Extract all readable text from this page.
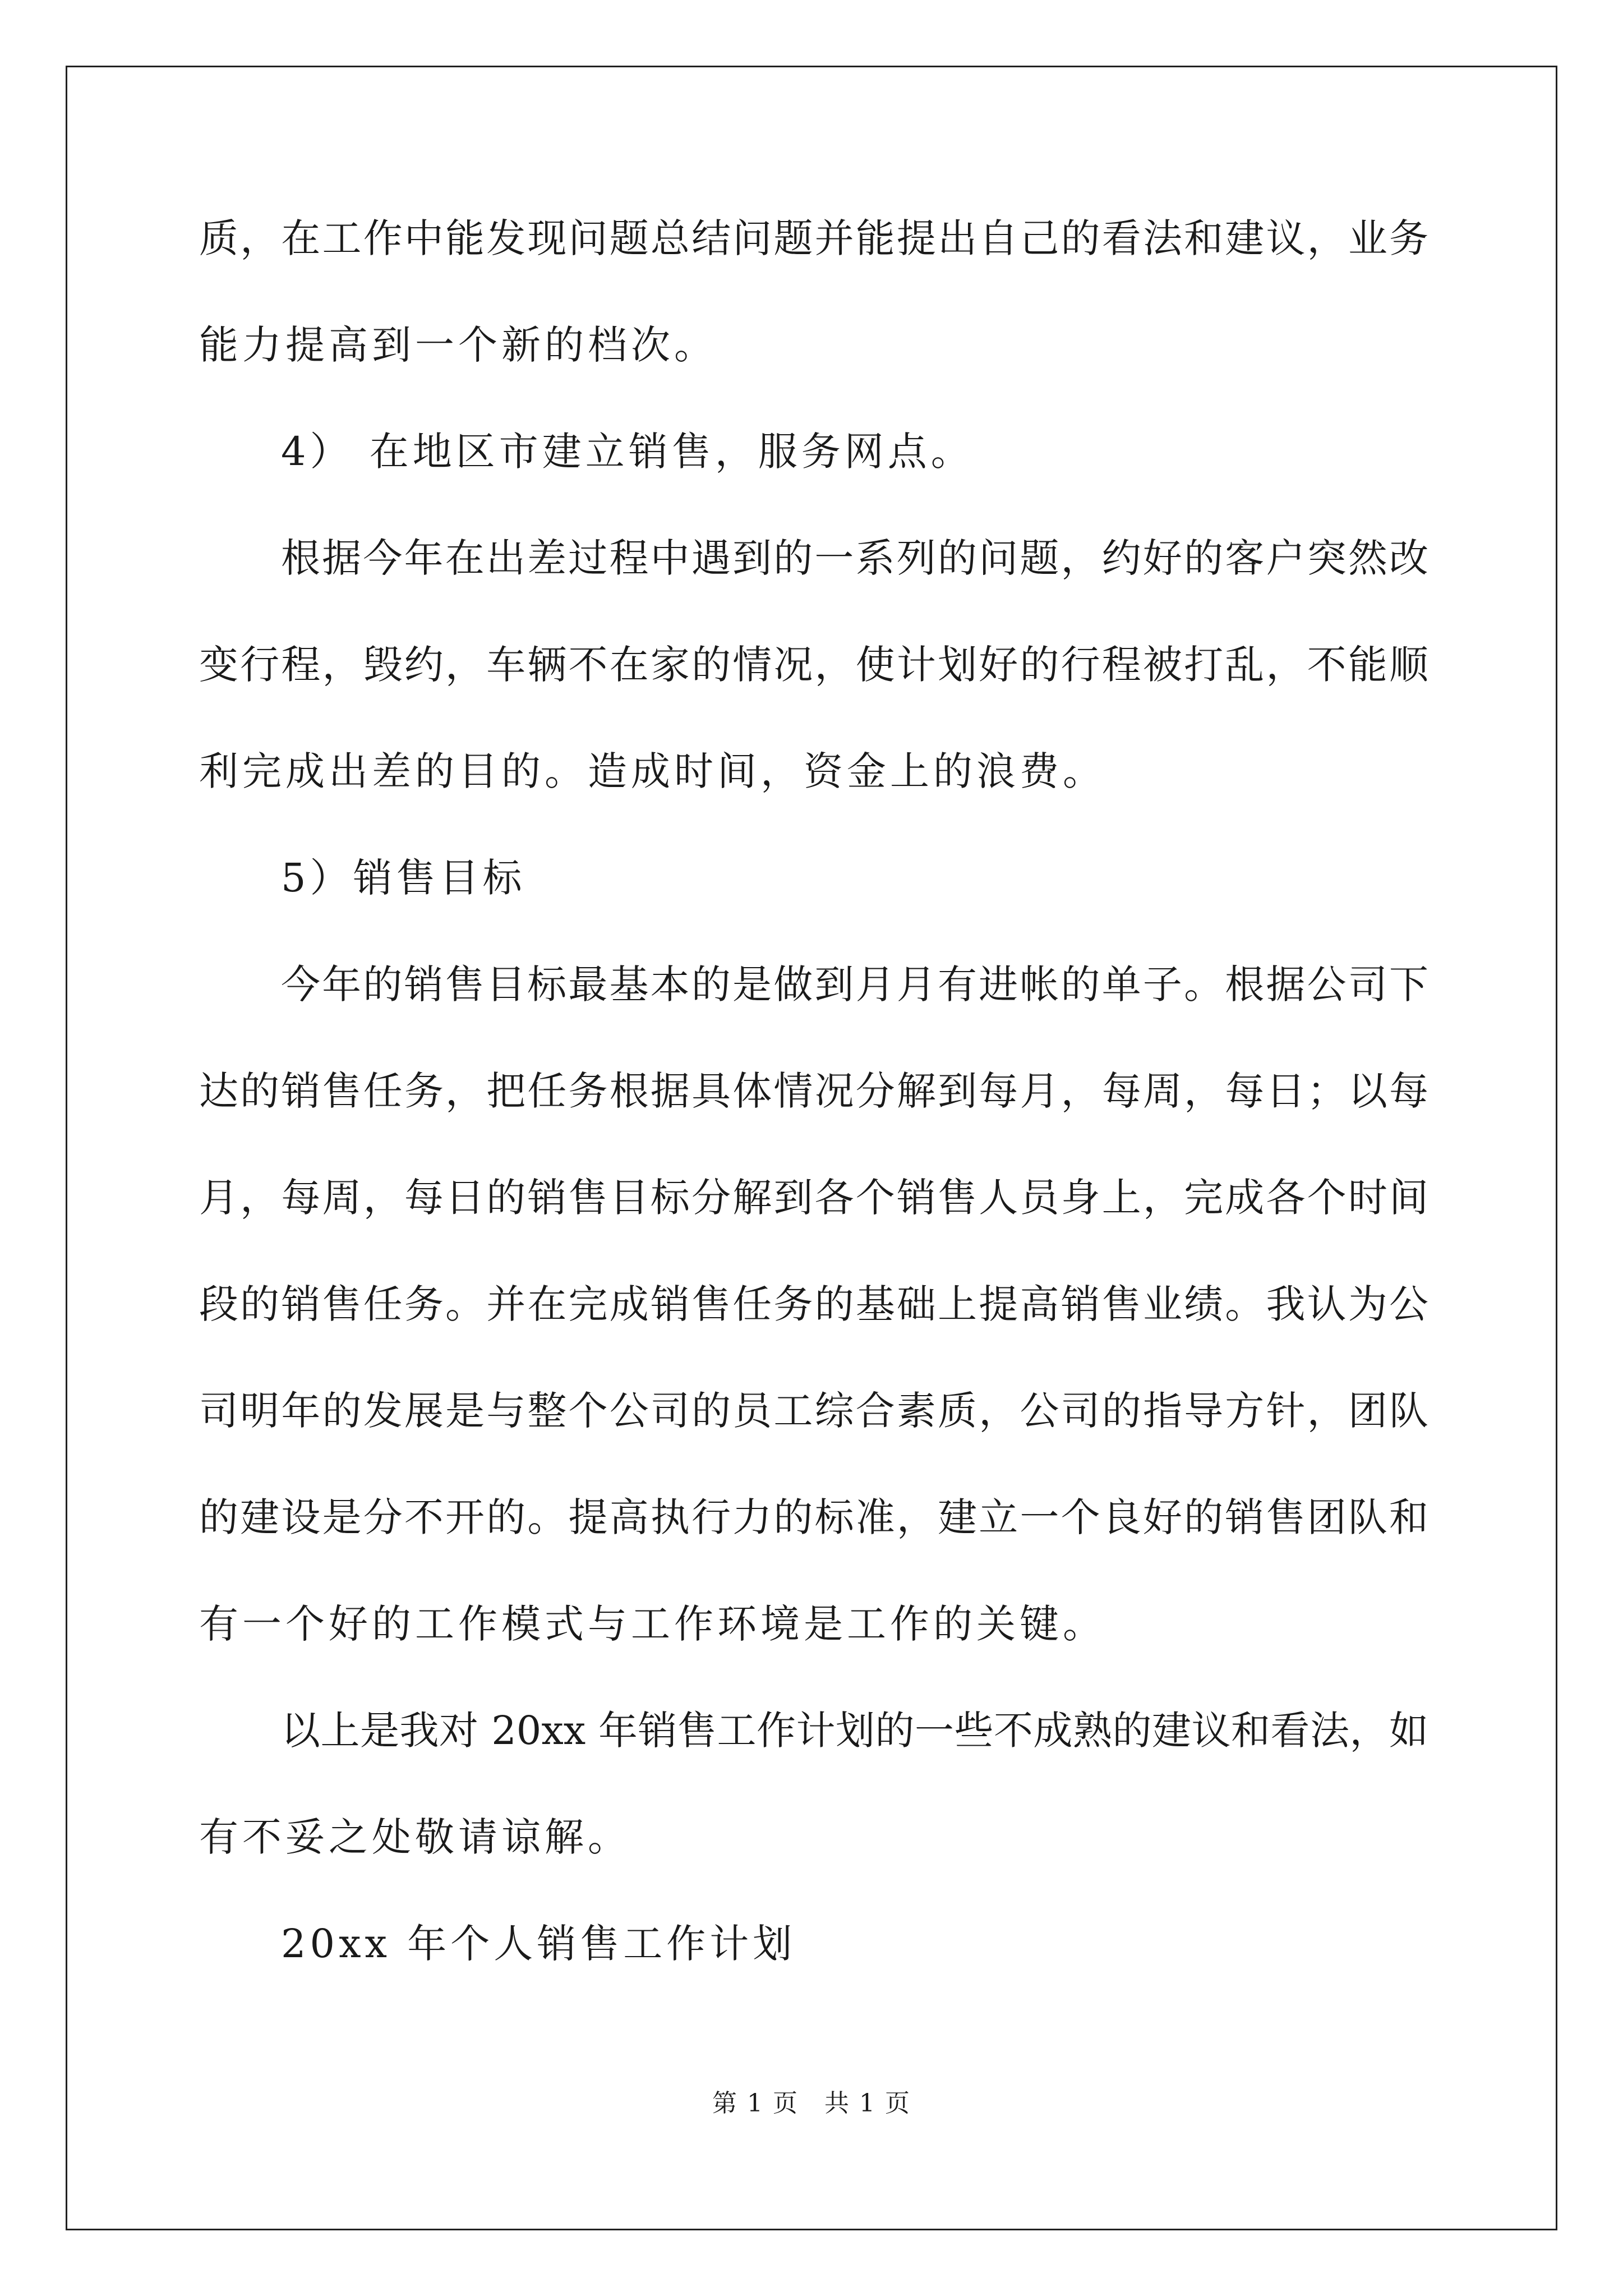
质，在工作中能发现问题总结问题并能提出自己的看法和建议，业务
能力提高到一个新的档次。
4） 在地区市建立销售，服务网点。
根据今年在出差过程中遇到的一系列的问题，约好的客户突然改
变行程，毁约，车辆不在家的情况，使计划好的行程被打乱，不能顺
利完成出差的目的。造成时间，资金上的浪费。
5）销售目标
今年的销售目标最基本的是做到月月有进帐的单子。根据公司下
达的销售任务，把任务根据具体情况分解到每月，每周，每日；以每
月，每周，每日的销售目标分解到各个销售人员身上，完成各个时间
段的销售任务。并在完成销售任务的基础上提高销售业绩。我认为公
司明年的发展是与整个公司的员工综合素质，公司的指导方针，团队
的建设是分不开的。提高执行力的标准，建立一个良好的销售团队和
有一个好的工作模式与工作环境是工作的关键。
以上是我对 20xx 年销售工作计划的一些不成熟的建议和看法，如
有不妥之处敬请谅解。
20xx 年个人销售工作计划
第 1 页　共 1 页
